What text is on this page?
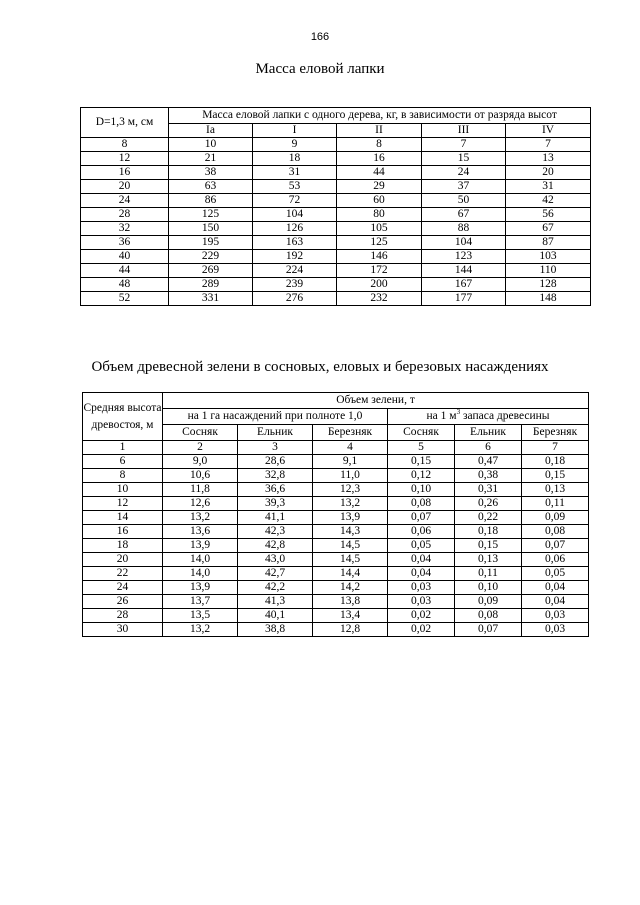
166
Масса еловой лапки
D=1,3 м, см	Масса еловой лапки с одного дерева, кг, в зависимости от разряда высот				
	Ia	I	II	III	IV
8	10	9	8	7	7
12	21	18	16	15	13
16	38	31	44	24	20
20	63	53	29	37	31
24	86	72	60	50	42
28	125	104	80	67	56
32	150	126	105	88	67
36	195	163	125	104	87
40	229	192	146	123	103
44	269	224	172	144	110
48	289	239	200	167	128
52	331	276	232	177	148
Объем древесной зелени в сосновых, еловых и березовых насаждениях
Средняя высота древостоя, м	Объем зелени, т					
	на 1 га насаждений при полноте 1,0			на 1 $м^3$ запаса древесины		
	Сосняк	Ельник	Березняк	Сосняк	Ельник	Березняк
1	2	3	4	5	6	7
6	9,0	28,6	9,1	0,15	0,47	0,18
8	10,6	32,8	11,0	0,12	0,38	0,15
10	11,8	36,6	12,3	0,10	0,31	0,13
12	12,6	39,3	13,2	0,08	0,26	0,11
14	13,2	41,1	13,9	0,07	0,22	0,09
16	13,6	42,3	14,3	0,06	0,18	0,08
18	13,9	42,8	14,5	0,05	0,15	0,07
20	14,0	43,0	14,5	0,04	0,13	0,06
22	14,0	42,7	14,4	0,04	0,11	0,05
24	13,9	42,2	14,2	0,03	0,10	0,04
26	13,7	41,3	13,8	0,03	0,09	0,04
28	13,5	40,1	13,4	0,02	0,08	0,03
30	13,2	38,8	12,8	0,02	0,07	0,03
